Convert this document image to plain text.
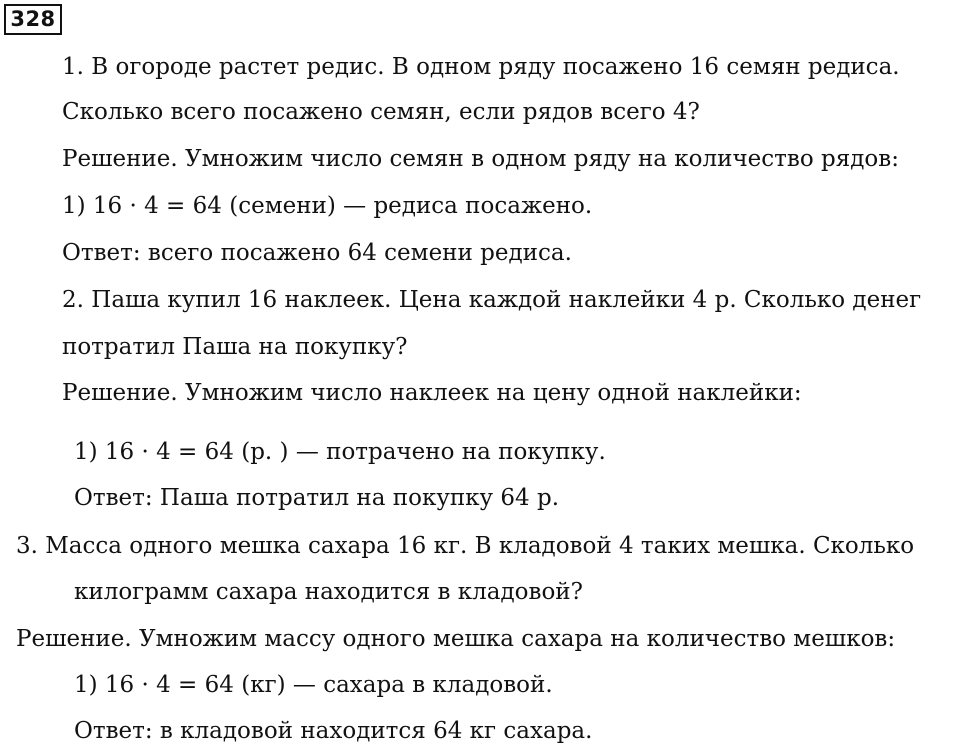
328
1. В огороде растет редис. В одном ряду посажено 16 семян редиса.
Сколько всего посажено семян, если рядов всего 4?
Решение. Умножим число семян в одном ряду на количество рядов:
1) 16 · 4 = 64 (семени) — редиса посажено.
Ответ: всего посажено 64 семени редиса.
2. Паша купил 16 наклеек. Цена каждой наклейки 4 р. Сколько денег
потратил Паша на покупку?
Решение. Умножим число наклеек на цену одной наклейки:
1) 16 · 4 = 64 (р. ) — потрачено на покупку.
Ответ: Паша потратил на покупку 64 р.
3. Масса одного мешка сахара 16 кг. В кладовой 4 таких мешка. Сколько
килограмм сахара находится в кладовой?
Решение. Умножим массу одного мешка сахара на количество мешков:
1) 16 · 4 = 64 (кг) — сахара в кладовой.
Ответ: в кладовой находится 64 кг сахара.
